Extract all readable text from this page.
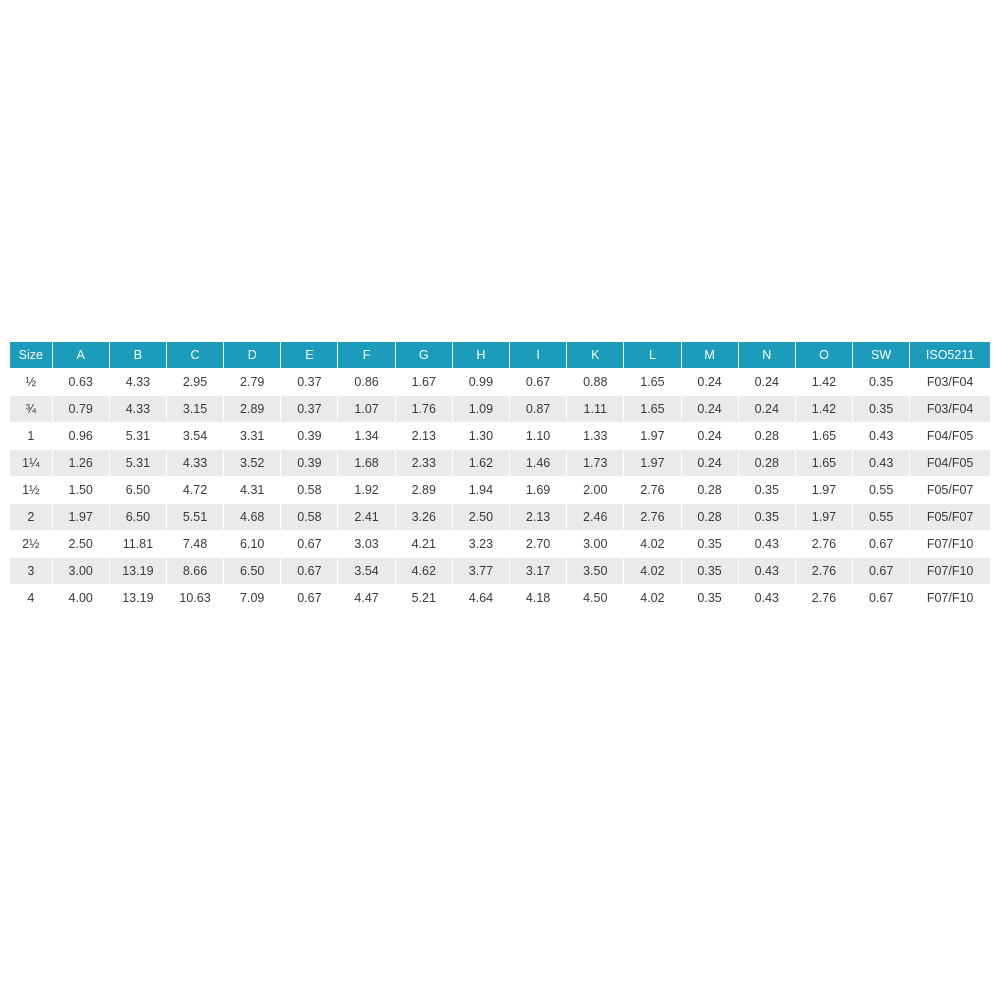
Size	A	B	C	D	E	F	G	H	I	K	L	M	N	O	SW	ISO5211
½	0.63	4.33	2.95	2.79	0.37	0.86	1.67	0.99	0.67	0.88	1.65	0.24	0.24	1.42	0.35	F03/F04
¾	0.79	4.33	3.15	2.89	0.37	1.07	1.76	1.09	0.87	1.11	1.65	0.24	0.24	1.42	0.35	F03/F04
1	0.96	5.31	3.54	3.31	0.39	1.34	2.13	1.30	1.10	1.33	1.97	0.24	0.28	1.65	0.43	F04/F05
1¼	1.26	5.31	4.33	3.52	0.39	1.68	2.33	1.62	1.46	1.73	1.97	0.24	0.28	1.65	0.43	F04/F05
1½	1.50	6.50	4.72	4.31	0.58	1.92	2.89	1.94	1.69	2.00	2.76	0.28	0.35	1.97	0.55	F05/F07
2	1.97	6.50	5.51	4.68	0.58	2.41	3.26	2.50	2.13	2.46	2.76	0.28	0.35	1.97	0.55	F05/F07
2½	2.50	11.81	7.48	6.10	0.67	3.03	4.21	3.23	2.70	3.00	4.02	0.35	0.43	2.76	0.67	F07/F10
3	3.00	13.19	8.66	6.50	0.67	3.54	4.62	3.77	3.17	3.50	4.02	0.35	0.43	2.76	0.67	F07/F10
4	4.00	13.19	10.63	7.09	0.67	4.47	5.21	4.64	4.18	4.50	4.02	0.35	0.43	2.76	0.67	F07/F10
